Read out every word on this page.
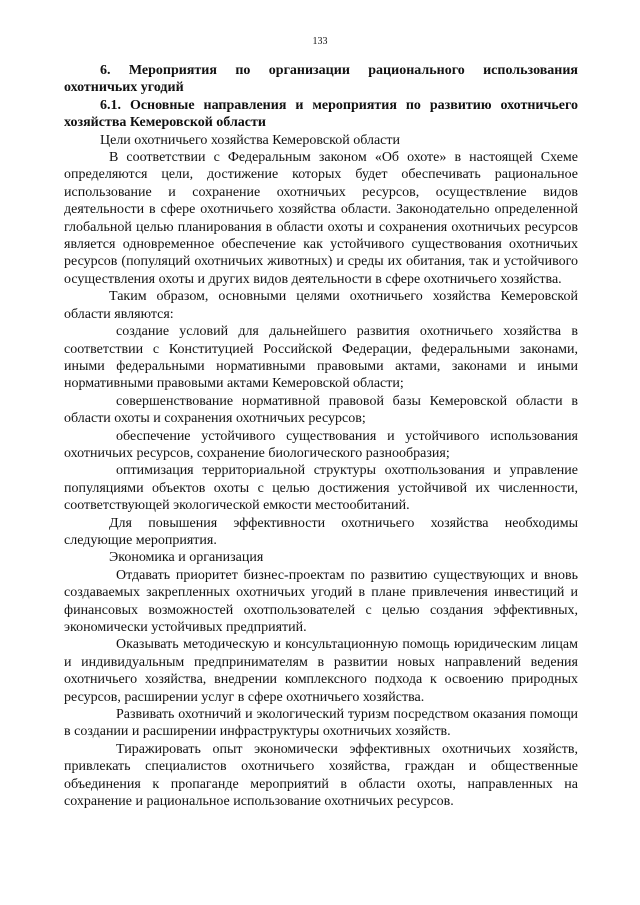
133

6. Мероприятия по организации рационального использования охотничьих угодий

6.1. Основные направления и мероприятия по развитию охотничьего хозяйства Кемеровской области

Цели охотничьего хозяйства Кемеровской области

В соответствии с Федеральным законом «Об охоте» в настоящей Схеме определяются цели, достижение которых будет обеспечивать рациональное использование и сохранение охотничьих ресурсов, осуществление видов деятельности в сфере охотничьего хозяйства области. Законодательно определенной глобальной целью планирования в области охоты и сохранения охотничьих ресурсов является одновременное обеспечение как устойчивого существования охотничьих ресурсов (популяций охотничьих животных) и среды их обитания, так и устойчивого осуществления охоты и других видов деятельности в сфере охотничьего хозяйства.

Таким образом, основными целями охотничьего хозяйства Кемеровской области являются:

создание условий для дальнейшего развития охотничьего хозяйства в соответствии с Конституцией Российской Федерации, федеральными законами, иными федеральными нормативными правовыми актами, законами и иными нормативными правовыми актами Кемеровской области;

совершенствование нормативной правовой базы Кемеровской области в области охоты и сохранения охотничьих ресурсов;

обеспечение устойчивого существования и устойчивого использования охотничьих ресурсов, сохранение биологического разнообразия;

оптимизация территориальной структуры охотпользования и управление популяциями объектов охоты с целью достижения устойчивой их численности, соответствующей экологической емкости местообитаний.

Для повышения эффективности охотничьего хозяйства необходимы следующие мероприятия.

Экономика и организация

Отдавать приоритет бизнес-проектам по развитию существующих и вновь создаваемых закрепленных охотничьих угодий в плане привлечения инвестиций и финансовых возможностей охотпользователей с целью создания эффективных, экономически устойчивых предприятий.

Оказывать методическую и консультационную помощь юридическим лицам и индивидуальным предпринимателям в развитии новых направлений ведения охотничьего хозяйства, внедрении комплексного подхода к освоению природных ресурсов, расширении услуг в сфере охотничьего хозяйства.

Развивать охотничий и экологический туризм посредством оказания помощи в создании и расширении инфраструктуры охотничьих хозяйств.

Тиражировать опыт экономически эффективных охотничьих хозяйств, привлекать специалистов охотничьего хозяйства, граждан и общественные объединения к пропаганде мероприятий в области охоты, направленных на сохранение и рациональное использование охотничьих ресурсов.
